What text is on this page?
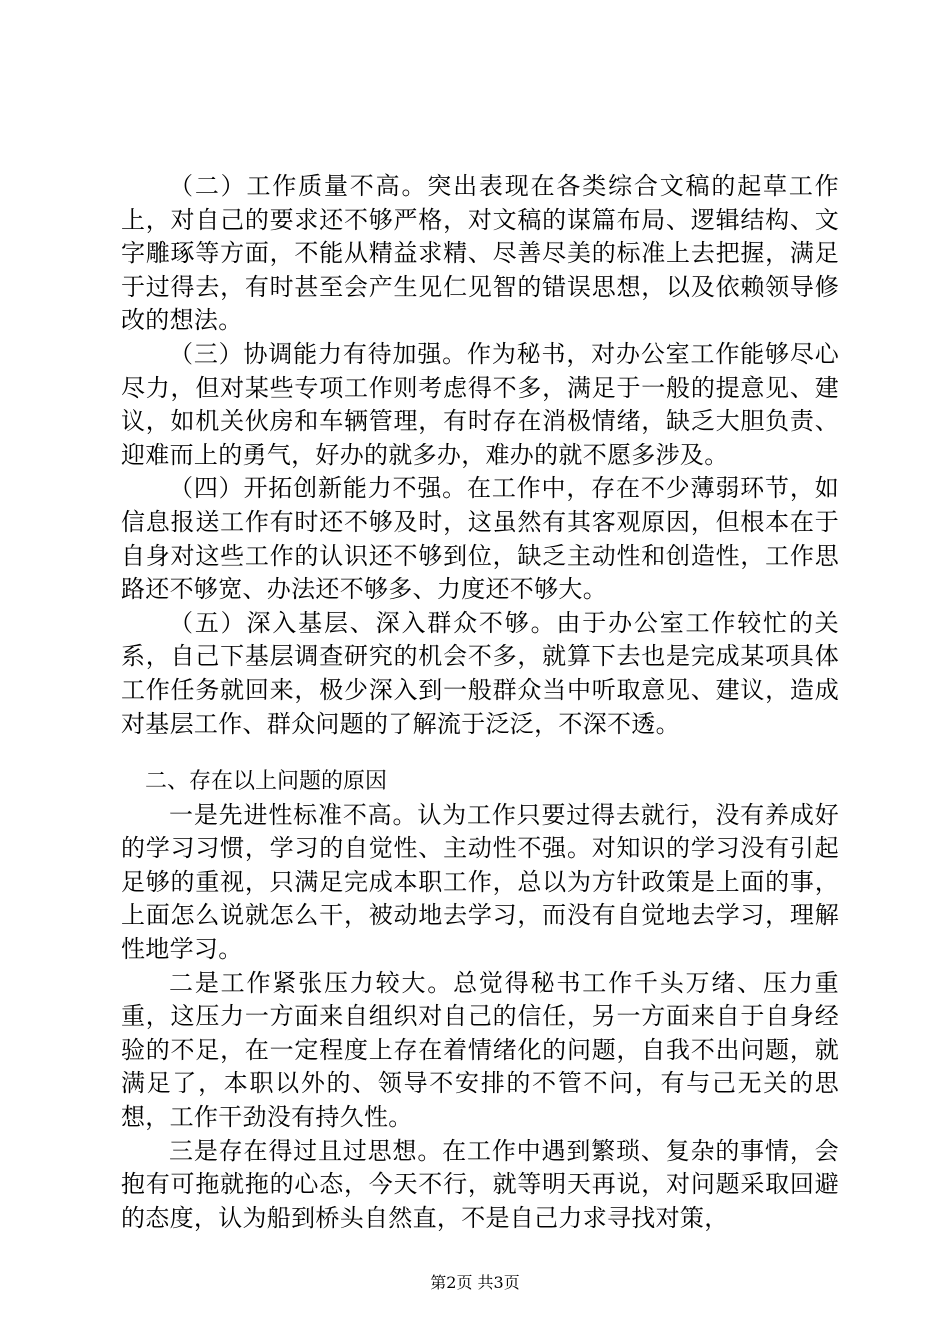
（二）工作质量不高。突出表现在各类综合文稿的起草工作上，对自己的要求还不够严格，对文稿的谋篇布局、逻辑结构、文字雕琢等方面，不能从精益求精、尽善尽美的标准上去把握，满足于过得去，有时甚至会产生见仁见智的错误思想，以及依赖领导修改的想法。

（三）协调能力有待加强。作为秘书，对办公室工作能够尽心尽力，但对某些专项工作则考虑得不多，满足于一般的提意见、建议，如机关伙房和车辆管理，有时存在消极情绪，缺乏大胆负责、迎难而上的勇气，好办的就多办，难办的就不愿多涉及。

（四）开拓创新能力不强。在工作中，存在不少薄弱环节，如信息报送工作有时还不够及时，这虽然有其客观原因，但根本在于自身对这些工作的认识还不够到位，缺乏主动性和创造性，工作思路还不够宽、办法还不够多、力度还不够大。

（五）深入基层、深入群众不够。由于办公室工作较忙的关系，自己下基层调查研究的机会不多，就算下去也是完成某项具体工作任务就回来，极少深入到一般群众当中听取意见、建议，造成对基层工作、群众问题的了解流于泛泛，不深不透。

二、存在以上问题的原因

一是先进性标准不高。认为工作只要过得去就行，没有养成好的学习习惯，学习的自觉性、主动性不强。对知识的学习没有引起足够的重视，只满足完成本职工作，总以为方针政策是上面的事，上面怎么说就怎么干，被动地去学习，而没有自觉地去学习，理解性地学习。

二是工作紧张压力较大。总觉得秘书工作千头万绪、压力重重，这压力一方面来自组织对自己的信任，另一方面来自于自身经验的不足，在一定程度上存在着情绪化的问题，自我不出问题，就满足了，本职以外的、领导不安排的不管不问，有与己无关的思想，工作干劲没有持久性。

三是存在得过且过思想。在工作中遇到繁琐、复杂的事情，会抱有可拖就拖的心态，今天不行，就等明天再说，对问题采取回避的态度，认为船到桥头自然直，不是自己力求寻找对策，

第2页 共3页
